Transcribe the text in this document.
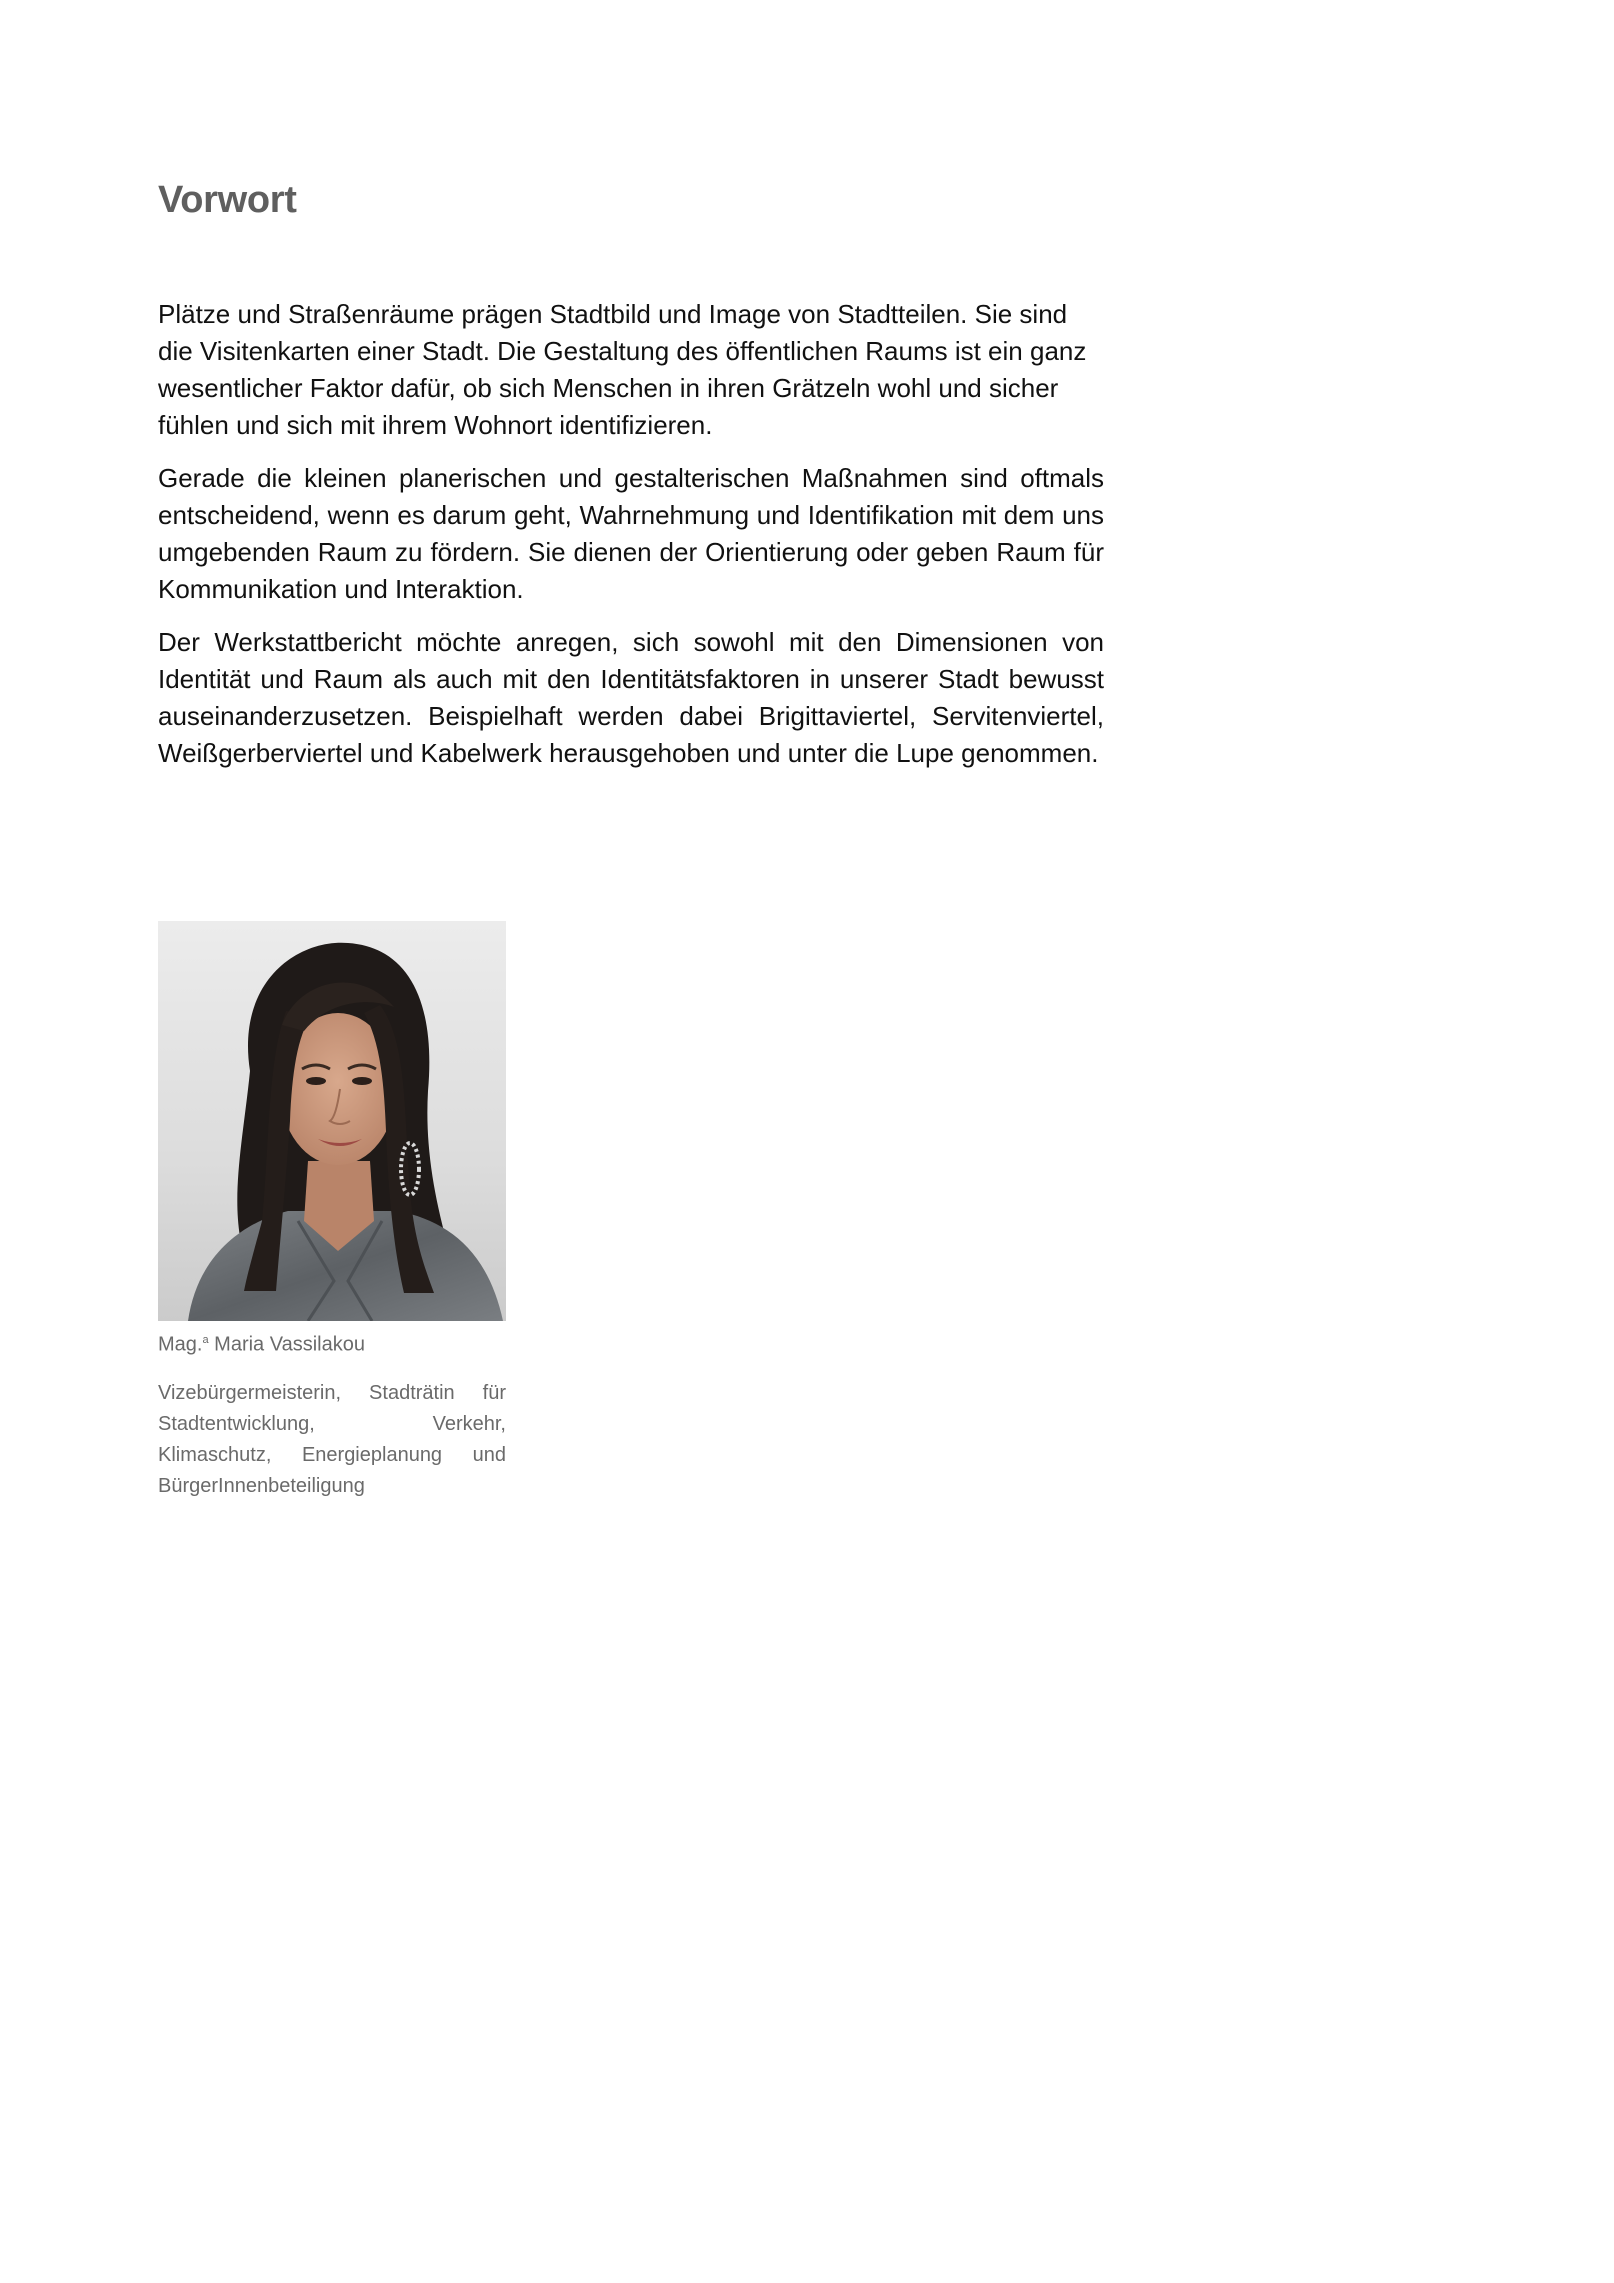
Vorwort

Plätze und Straßenräume prägen Stadtbild und Image von Stadtteilen. Sie sind die Visitenkarten einer Stadt. Die Gestaltung des öffentlichen Raums ist ein ganz wesentlicher Faktor dafür, ob sich Menschen in ihren Grätzeln wohl und sicher fühlen und sich mit ihrem Wohnort identifizieren.

Gerade die kleinen planerischen und gestalterischen Maßnahmen sind oftmals entscheidend, wenn es darum geht, Wahrnehmung und Identifikation mit dem uns umgebenden Raum zu fördern. Sie dienen der Orientierung oder geben Raum für Kommunikation und Interaktion.

Der Werkstattbericht möchte anregen, sich sowohl mit den Dimensionen von Identität und Raum als auch mit den Identitätsfaktoren in unserer Stadt bewusst auseinanderzusetzen. Beispielhaft werden dabei Brigittaviertel, Servitenviertel, Weißgerberviertel und Kabelwerk herausgehoben und unter die Lupe genommen.

Mag.$^a$ Maria Vassilakou

Vizebürgermeisterin, Stadträtin für Stadtentwicklung, Verkehr, Klimaschutz, Energieplanung und BürgerInnenbeteiligung
